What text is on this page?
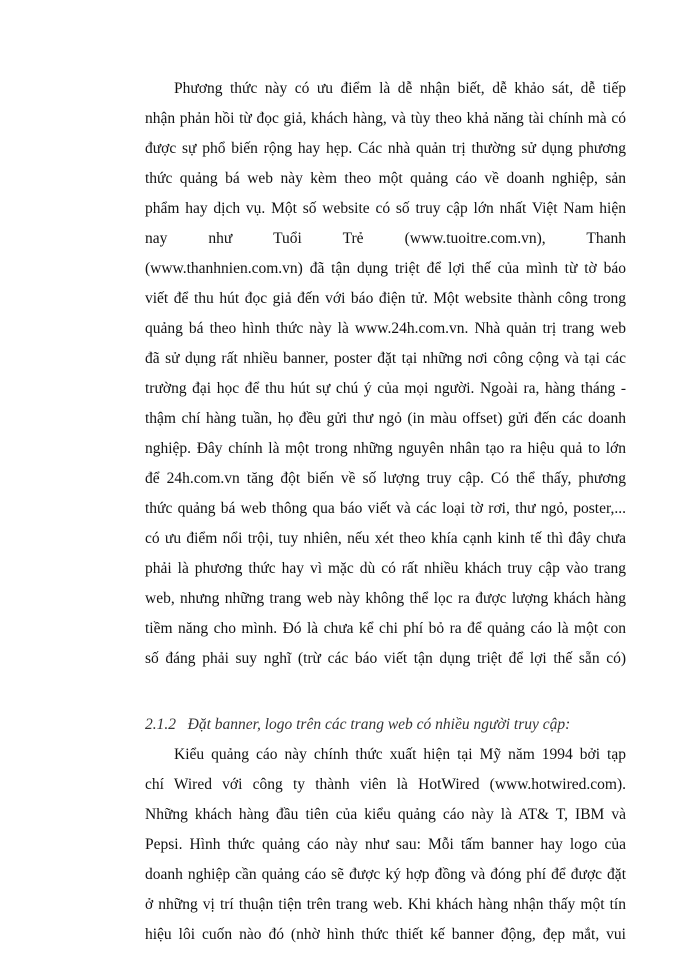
Phương thức này có ưu điểm là dễ nhận biết, dễ khảo sát, dễ tiếp
nhận phản hồi từ đọc giả, khách hàng, và tùy theo khả năng tài chính mà có
được sự phổ biến rộng hay hẹp. Các nhà quản trị thường sử dụng phương
thức quảng bá web này kèm theo một quảng cáo về doanh nghiệp, sản
phẩm hay dịch vụ. Một số website có số truy cập lớn nhất Việt Nam hiện
nay như Tuổi Trẻ (www.tuoitre.com.vn), Thanh
(www.thanhnien.com.vn) đã tận dụng triệt để lợi thế của mình từ tờ báo
viết để thu hút đọc giả đến với báo điện tử. Một website thành công trong
quảng bá theo hình thức này là www.24h.com.vn. Nhà quản trị trang web
đã sử dụng rất nhiều banner, poster đặt tại những nơi công cộng và tại các
trường đại học để thu hút sự chú ý của mọi người. Ngoài ra, hàng tháng -
thậm chí hàng tuần, họ đều gửi thư ngỏ (in màu offset) gửi đến các doanh
nghiệp. Đây chính là một trong những nguyên nhân tạo ra hiệu quả to lớn
để 24h.com.vn tăng đột biến về số lượng truy cập. Có thể thấy, phương
thức quảng bá web thông qua báo viết và các loại tờ rơi, thư ngỏ, poster,...
có ưu điểm nổi trội, tuy nhiên, nếu xét theo khía cạnh kinh tế thì đây chưa
phải là phương thức hay vì mặc dù có rất nhiều khách truy cập vào trang
web, nhưng những trang web này không thể lọc ra được lượng khách hàng
tiềm năng cho mình. Đó là chưa kể chi phí bỏ ra để quảng cáo là một con
số đáng phải suy nghĩ (trừ các báo viết tận dụng triệt để lợi thế sẵn có)
2.1.2   Đặt banner, logo trên các trang web có nhiều người truy cập:
Kiểu quảng cáo này chính thức xuất hiện tại Mỹ năm 1994 bởi tạp
chí Wired với công ty thành viên là HotWired (www.hotwired.com).
Những khách hàng đầu tiên của kiểu quảng cáo này là AT& T, IBM và
Pepsi. Hình thức quảng cáo này như sau: Mỗi tấm banner hay logo của
doanh nghiệp cần quảng cáo sẽ được ký hợp đồng và đóng phí để được đặt
ở những vị trí thuận tiện trên trang web. Khi khách hàng nhận thấy một tín
hiệu lôi cuốn nào đó (nhờ hình thức thiết kế banner động, đẹp mắt, vui
